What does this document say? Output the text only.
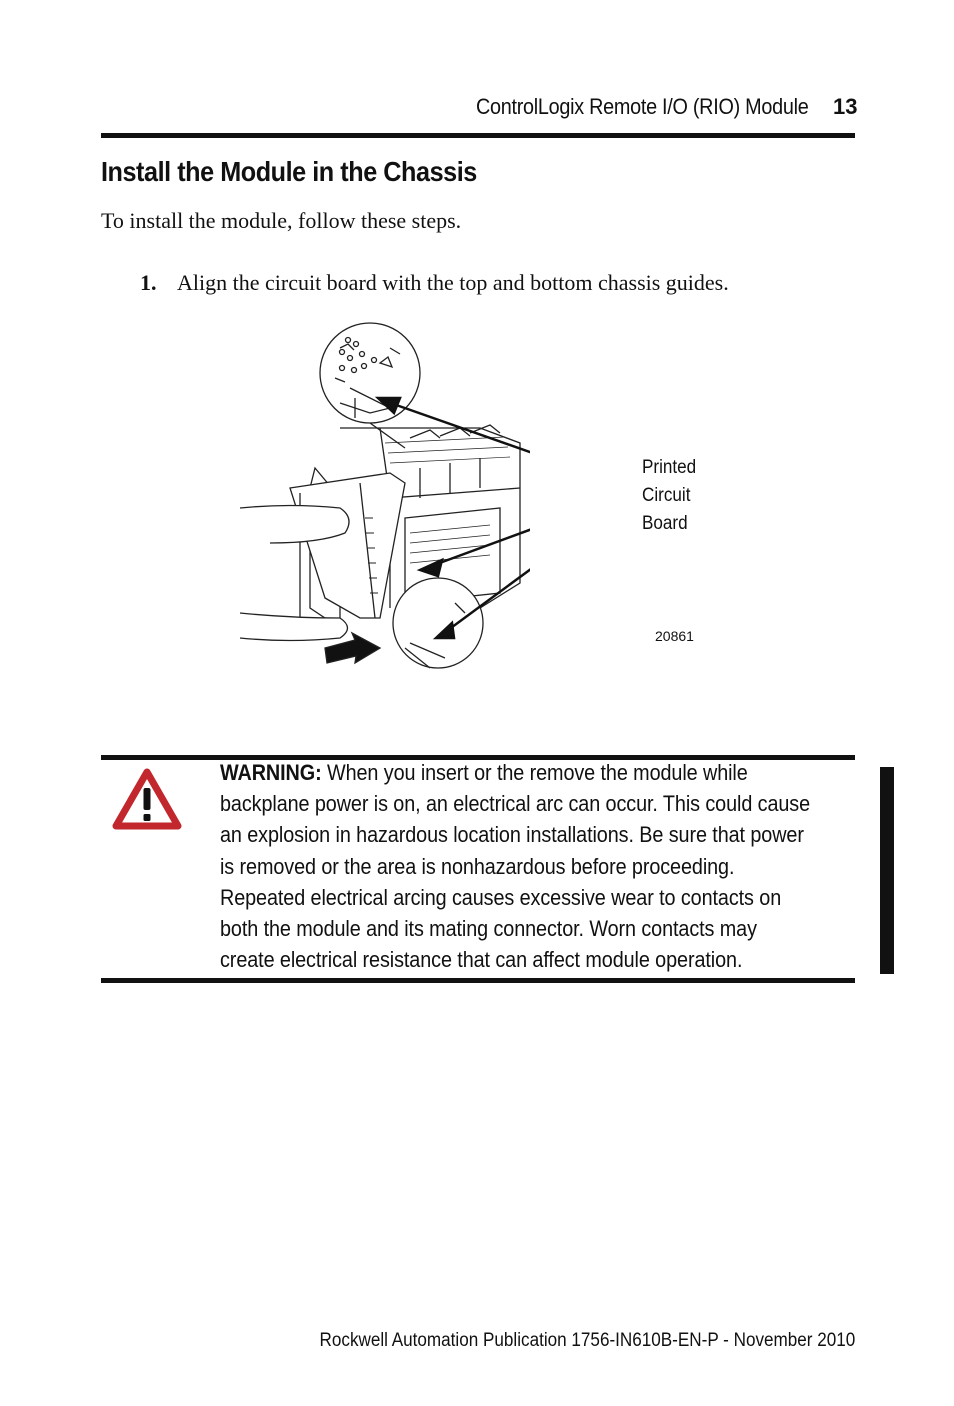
ControlLogix Remote I/O (RIO) Module 13
Install the Module in the Chassis
To install the module, follow these steps.
1. Align the circuit board with the top and bottom chassis guides.
Printed
Circuit
Board
20861
WARNING: When you insert or the remove the module while backplane power is on, an electrical arc can occur. This could cause an explosion in hazardous location installations. Be sure that power is removed or the area is nonhazardous before proceeding. Repeated electrical arcing causes excessive wear to contacts on both the module and its mating connector. Worn contacts may create electrical resistance that can affect module operation.
Rockwell Automation Publication 1756-IN610B-EN-P - November 2010
